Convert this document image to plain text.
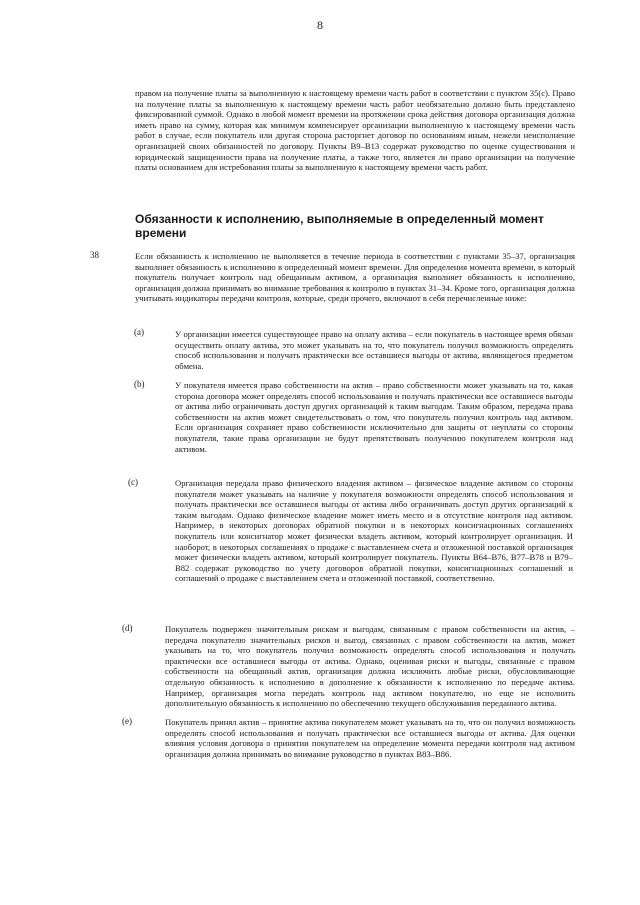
8

правом на получение платы за выполненную к настоящему времени часть работ в соответствии с пунктом 35(c). Право на получение платы за выполненную к настоящему времени часть работ необязательно должно быть представлено фиксированной суммой. Однако в любой момент времени на протяжении срока действия договора организация должна иметь право на сумму, которая как минимум компенсирует организации выполненную к настоящему времени часть работ в случае, если покупатель или другая сторона расторгнет договор по основаниям иным, нежели неисполнение организацией своих обязанностей по договору. Пункты B9–B13 содержат руководство по оценке существования и юридической защищенности права на получение платы, а также того, является ли право организации на получение платы основанием для истребования платы за выполненную к настоящему времени часть работ.

Обязанности к исполнению, выполняемые в определенный момент времени
38	Если обязанность к исполнению не выполняется в течение периода в соответствии с пунктами 35–37, организация выполняет обязанность к исполнению в определенный момент времени. Для определения момента времени, в который покупатель получает контроль над обещанным активом, а организация выполняет обязанность к исполнению, организация должна принимать во внимание требования к контролю в пунктах 31–34. Кроме того, организация должна учитывать индикаторы передачи контроля, которые, среди прочего, включают в себя перечисленные ниже:

(a)	У организации имеется существующее право на оплату актива – если покупатель в настоящее время обязан осуществить оплату актива, это может указывать на то, что покупатель получил возможность определять способ использования и получать практически все оставшиеся выгоды от актива, являющегося предметом обмена.

(b)	У покупателя имеется право собственности на актив – право собственности может указывать на то, какая сторона договора может определять способ использования и получать практически все оставшиеся выгоды от актива либо ограничивать доступ других организаций к таким выгодам. Таким образом, передача права собственности на актив может свидетельствовать о том, что покупатель получил контроль над активом. Если организация сохраняет право собственности исключительно для защиты от неуплаты со стороны покупателя, такие права организации не будут препятствовать получению покупателем контроля над активом.

(c)	Организация передала право физического владения активом – физическое владение активом со стороны покупателя может указывать на наличие у покупателя возможности определять способ использования и получать практически все оставшиеся выгоды от актива либо ограничивать доступ других организаций к таким выгодам. Однако физическое владение может иметь место и в отсутствие контроля над активом. Например, в некоторых договорах обратной покупки и в некоторых консигнационных соглашениях покупатель или консигнатор может физически владеть активом, который контролирует организация. И наоборот, в некоторых соглашениях о продаже с выставлением счета и отложенной поставкой организация может физически владеть активом, который контролирует покупатель. Пункты B64–B76, B77–B78 и B79–B82 содержат руководство по учету договоров обратной покупки, консигнационных соглашений и соглашений о продаже с выставлением счета и отложенной поставкой, соответственно.

(d)	Покупатель подвержен значительным рискам и выгодам, связанным с правом собственности на актив, – передача покупателю значительных рисков и выгод, связанных с правом собственности на актив, может указывать на то, что покупатель получил возможность определять способ использования и получать практически все оставшиеся выгоды от актива. Однако, оценивая риски и выгоды, связанные с правом собственности на обещанный актив, организация должна исключить любые риски, обусловливающие отдельную обязанность к исполнению в дополнение к обязанности к исполнению по передаче актива. Например, организация могла передать контроль над активом покупателю, но еще не исполнить дополнительную обязанность к исполнению по обеспечению текущего обслуживания переданного актива.

(e)	Покупатель принял актив – принятие актива покупателем может указывать на то, что он получил возможность определять способ использования и получать практически все оставшиеся выгоды от актива. Для оценки влияния условия договора о принятии покупателем на определение момента передачи контроля над активом организация должна принимать во внимание руководство в пунктах B83–B86.
